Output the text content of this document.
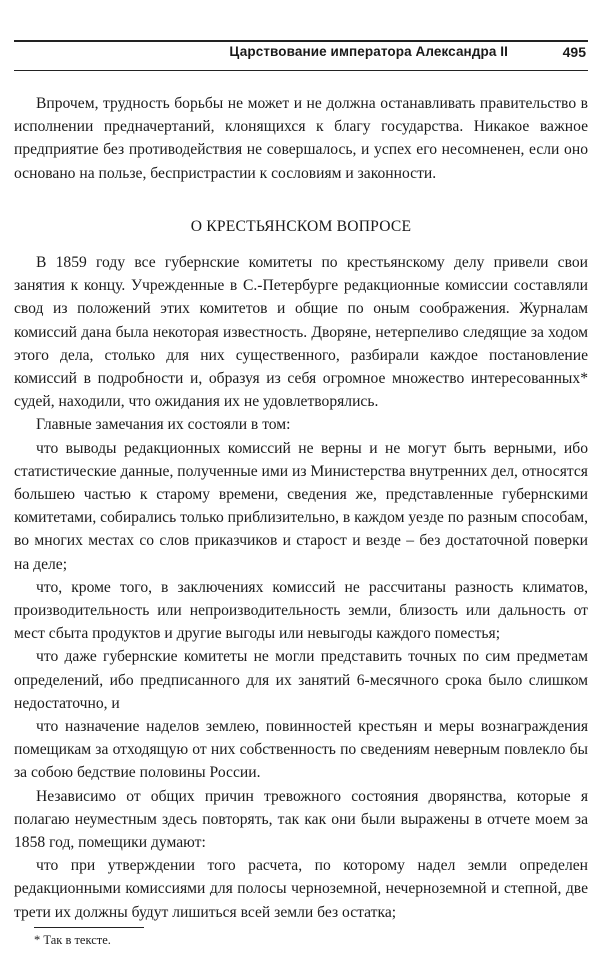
Царствование императора Александра II	495

Впрочем, трудность борьбы не может и не должна останавливать правительство в исполнении предначертаний, клонящихся к благу государства. Никакое важное предприятие без противодействия не совершалось, и успех его несомненен, если оно основано на пользе, беспристрастии к сословиям и законности.

О КРЕСТЬЯНСКОМ ВОПРОСЕ

В 1859 году все губернские комитеты по крестьянскому делу привели свои занятия к концу. Учрежденные в С.-Петербурге редакционные комиссии составляли свод из положений этих комитетов и общие по оным соображения. Журналам комиссий дана была некоторая известность. Дворяне, нетерпеливо следящие за ходом этого дела, столько для них существенного, разбирали каждое постановление комиссий в подробности и, образуя из себя огромное множество интересованных* судей, находили, что ожидания их не удовлетворялись.

Главные замечания их состояли в том:

что выводы редакционных комиссий не верны и не могут быть верными, ибо статистические данные, полученные ими из Министерства внутренних дел, относятся большею частью к старому времени, сведения же, представленные губернскими комитетами, собирались только приблизительно, в каждом уезде по разным способам, во многих местах со слов приказчиков и старост и везде – без достаточной поверки на деле;

что, кроме того, в заключениях комиссий не рассчитаны разность климатов, производительность или непроизводительность земли, близость или дальность от мест сбыта продуктов и другие выгоды или невыгоды каждого поместья;

что даже губернские комитеты не могли представить точных по сим предметам определений, ибо предписанного для их занятий 6-месячного срока было слишком недостаточно, и

что назначение наделов землею, повинностей крестьян и меры вознаграждения помещикам за отходящую от них собственность по сведениям неверным повлекло бы за собою бедствие половины России.

Независимо от общих причин тревожного состояния дворянства, которые я полагаю неуместным здесь повторять, так как они были выражены в отчете моем за 1858 год, помещики думают:

что при утверждении того расчета, по которому надел земли определен редакционными комиссиями для полосы черноземной, нечерноземной и степной, две трети их должны будут лишиться всей земли без остатка;

* Так в тексте.
